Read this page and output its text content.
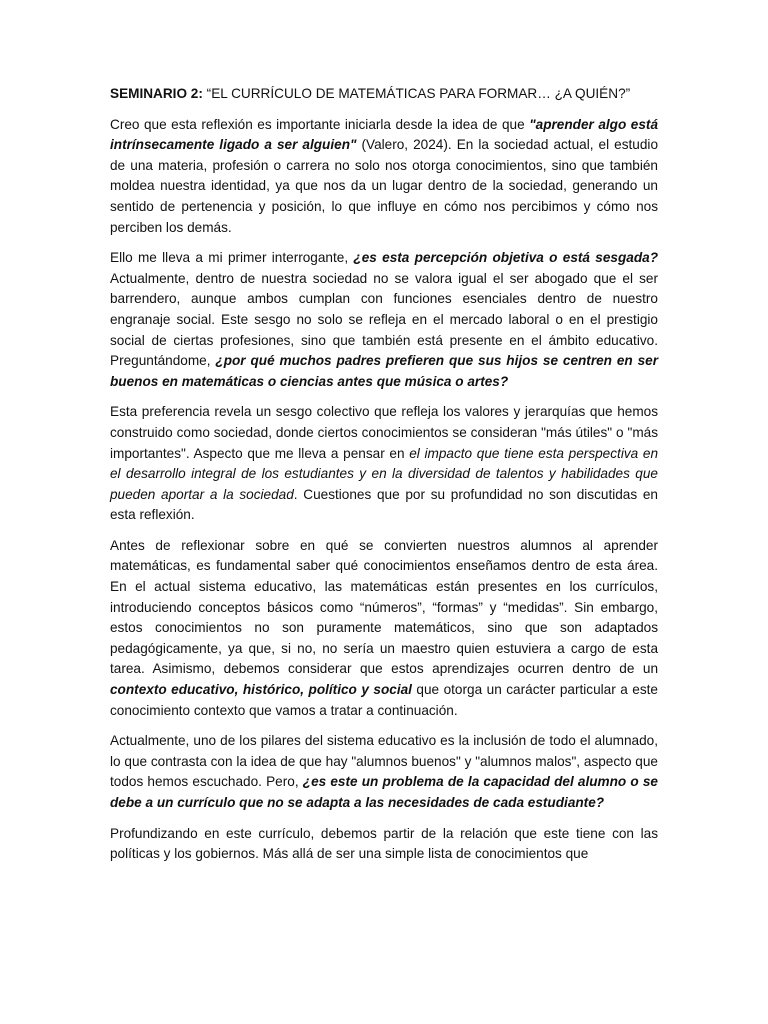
SEMINARIO 2: “EL CURRÍCULO DE MATEMÁTICAS PARA FORMAR… ¿A QUIÉN?”

Creo que esta reflexión es importante iniciarla desde la idea de que "aprender algo está intrínsecamente ligado a ser alguien" (Valero, 2024). En la sociedad actual, el estudio de una materia, profesión o carrera no solo nos otorga conocimientos, sino que también moldea nuestra identidad, ya que nos da un lugar dentro de la sociedad, generando un sentido de pertenencia y posición, lo que influye en cómo nos percibimos y cómo nos perciben los demás.

Ello me lleva a mi primer interrogante, ¿es esta percepción objetiva o está sesgada? Actualmente, dentro de nuestra sociedad no se valora igual el ser abogado que el ser barrendero, aunque ambos cumplan con funciones esenciales dentro de nuestro engranaje social. Este sesgo no solo se refleja en el mercado laboral o en el prestigio social de ciertas profesiones, sino que también está presente en el ámbito educativo. Preguntándome, ¿por qué muchos padres prefieren que sus hijos se centren en ser buenos en matemáticas o ciencias antes que música o artes?

Esta preferencia revela un sesgo colectivo que refleja los valores y jerarquías que hemos construido como sociedad, donde ciertos conocimientos se consideran "más útiles" o "más importantes". Aspecto que me lleva a pensar en el impacto que tiene esta perspectiva en el desarrollo integral de los estudiantes y en la diversidad de talentos y habilidades que pueden aportar a la sociedad. Cuestiones que por su profundidad no son discutidas en esta reflexión.

Antes de reflexionar sobre en qué se convierten nuestros alumnos al aprender matemáticas, es fundamental saber qué conocimientos enseñamos dentro de esta área. En el actual sistema educativo, las matemáticas están presentes en los currículos, introduciendo conceptos básicos como “números”, “formas” y “medidas”. Sin embargo, estos conocimientos no son puramente matemáticos, sino que son adaptados pedagógicamente, ya que, si no, no sería un maestro quien estuviera a cargo de esta tarea. Asimismo, debemos considerar que estos aprendizajes ocurren dentro de un contexto educativo, histórico, político y social que otorga un carácter particular a este conocimiento contexto que vamos a tratar a continuación.

Actualmente, uno de los pilares del sistema educativo es la inclusión de todo el alumnado, lo que contrasta con la idea de que hay "alumnos buenos" y "alumnos malos", aspecto que todos hemos escuchado. Pero, ¿es este un problema de la capacidad del alumno o se debe a un currículo que no se adapta a las necesidades de cada estudiante?

Profundizando en este currículo, debemos partir de la relación que este tiene con las políticas y los gobiernos. Más allá de ser una simple lista de conocimientos que
